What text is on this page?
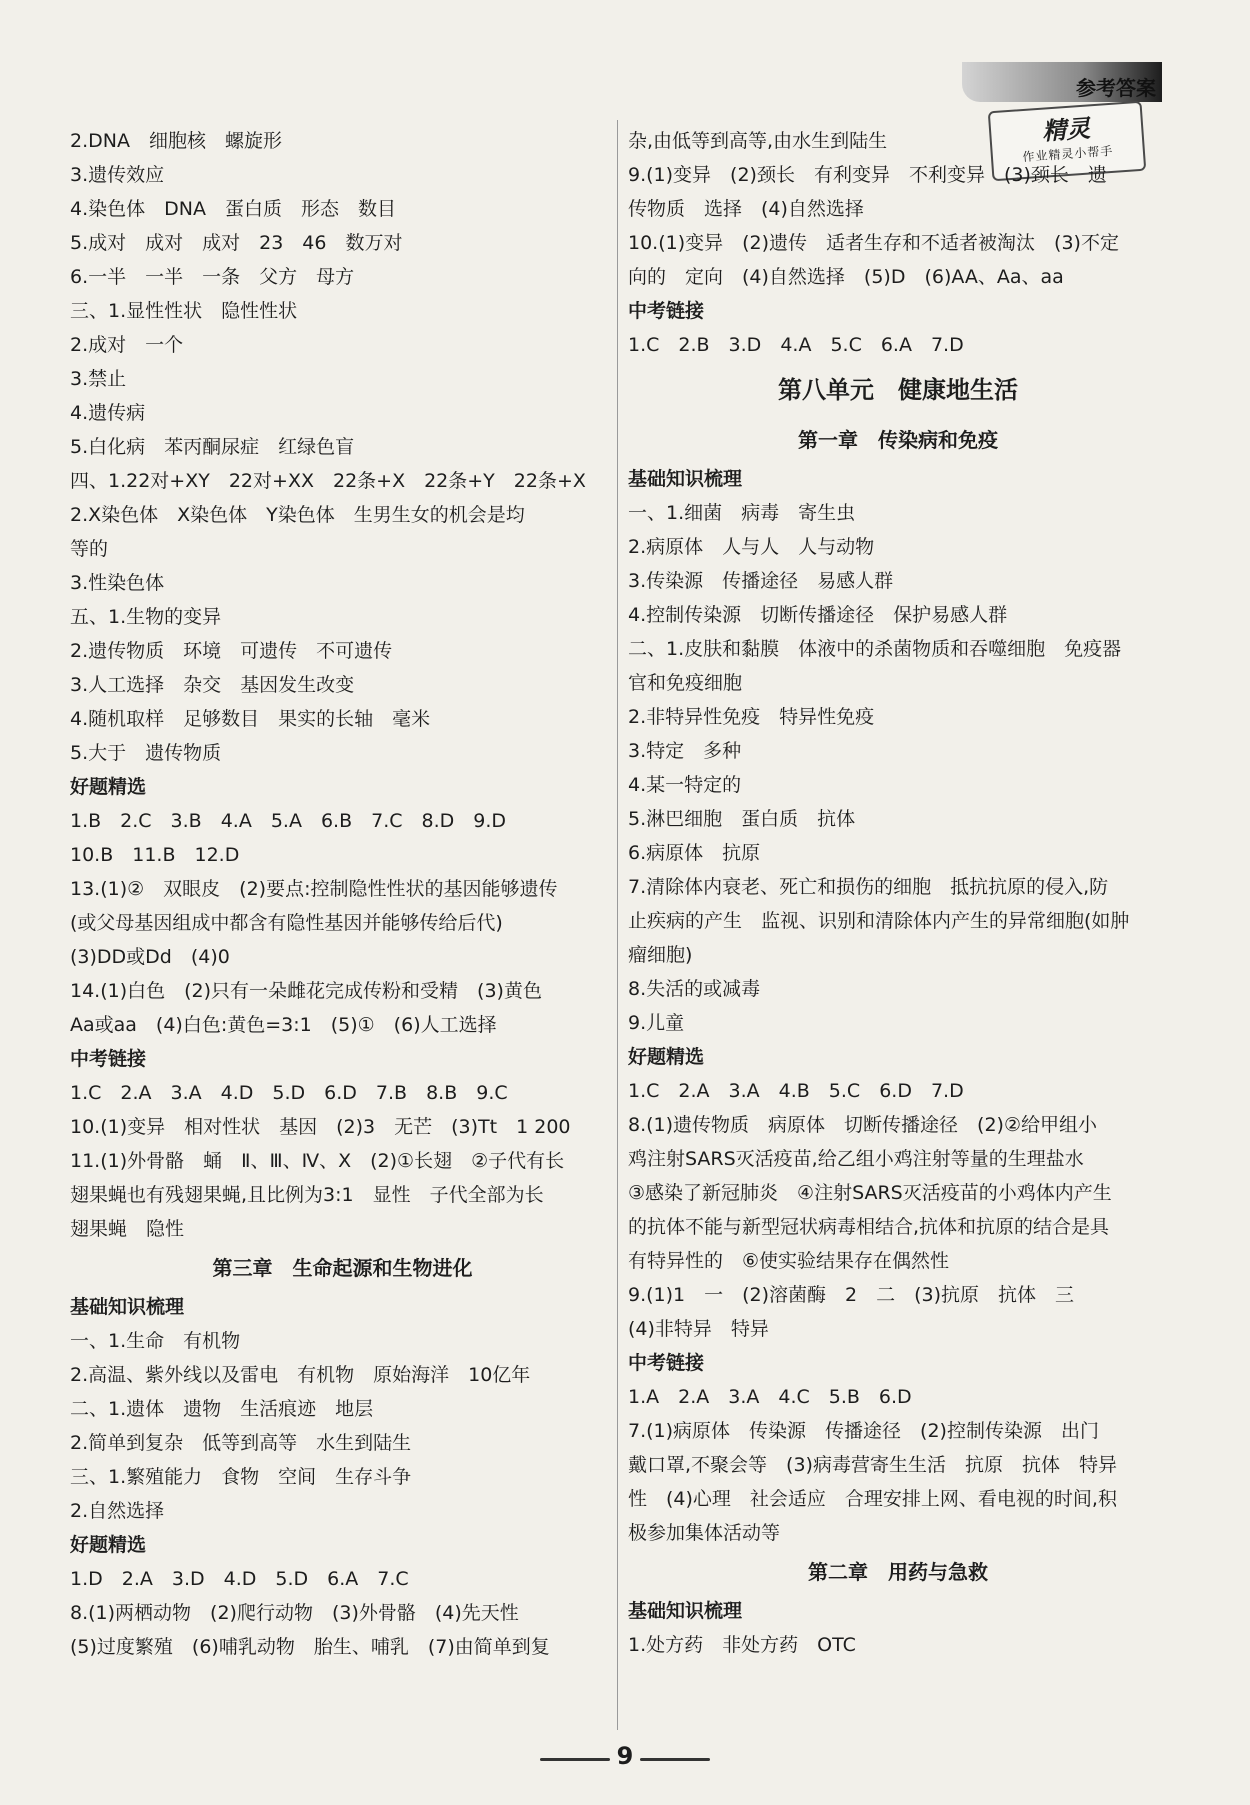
参考答案
精灵
作业精灵小帮手
2.DNA　细胞核　螺旋形
3.遗传效应
4.染色体　DNA　蛋白质　形态　数目
5.成对　成对　成对　23　46　数万对
6.一半　一半　一条　父方　母方
三、1.显性性状　隐性性状
2.成对　一个
3.禁止
4.遗传病
5.白化病　苯丙酮尿症　红绿色盲
四、1.22对+XY　22对+XX　22条+X　22条+Y　22条+X
2.X染色体　X染色体　Y染色体　生男生女的机会是均
等的
3.性染色体
五、1.生物的变异
2.遗传物质　环境　可遗传　不可遗传
3.人工选择　杂交　基因发生改变
4.随机取样　足够数目　果实的长轴　毫米
5.大于　遗传物质
好题精选
1.B　2.C　3.B　4.A　5.A　6.B　7.C　8.D　9.D
10.B　11.B　12.D
13.(1)②　双眼皮　(2)要点:控制隐性性状的基因能够遗传
(或父母基因组成中都含有隐性基因并能够传给后代)
(3)DD或Dd　(4)0
14.(1)白色　(2)只有一朵雌花完成传粉和受精　(3)黄色
Aa或aa　(4)白色:黄色=3:1　(5)①　(6)人工选择
中考链接
1.C　2.A　3.A　4.D　5.D　6.D　7.B　8.B　9.C
10.(1)变异　相对性状　基因　(2)3　无芒　(3)Tt　1 200
11.(1)外骨骼　蛹　Ⅱ、Ⅲ、Ⅳ、X　(2)①长翅　②子代有长
翅果蝇也有残翅果蝇,且比例为3:1　显性　子代全部为长
翅果蝇　隐性
第三章　生命起源和生物进化
基础知识梳理
一、1.生命　有机物
2.高温、紫外线以及雷电　有机物　原始海洋　10亿年
二、1.遗体　遗物　生活痕迹　地层
2.简单到复杂　低等到高等　水生到陆生
三、1.繁殖能力　食物　空间　生存斗争
2.自然选择
好题精选
1.D　2.A　3.D　4.D　5.D　6.A　7.C
8.(1)两栖动物　(2)爬行动物　(3)外骨骼　(4)先天性
(5)过度繁殖　(6)哺乳动物　胎生、哺乳　(7)由简单到复
杂,由低等到高等,由水生到陆生
9.(1)变异　(2)颈长　有利变异　不利变异　(3)颈长　遗
传物质　选择　(4)自然选择
10.(1)变异　(2)遗传　适者生存和不适者被淘汰　(3)不定
向的　定向　(4)自然选择　(5)D　(6)AA、Aa、aa
中考链接
1.C　2.B　3.D　4.A　5.C　6.A　7.D
第八单元　健康地生活
第一章　传染病和免疫
基础知识梳理
一、1.细菌　病毒　寄生虫
2.病原体　人与人　人与动物
3.传染源　传播途径　易感人群
4.控制传染源　切断传播途径　保护易感人群
二、1.皮肤和黏膜　体液中的杀菌物质和吞噬细胞　免疫器
官和免疫细胞
2.非特异性免疫　特异性免疫
3.特定　多种
4.某一特定的
5.淋巴细胞　蛋白质　抗体
6.病原体　抗原
7.清除体内衰老、死亡和损伤的细胞　抵抗抗原的侵入,防
止疾病的产生　监视、识别和清除体内产生的异常细胞(如肿
瘤细胞)
8.失活的或减毒
9.儿童
好题精选
1.C　2.A　3.A　4.B　5.C　6.D　7.D
8.(1)遗传物质　病原体　切断传播途径　(2)②给甲组小
鸡注射SARS灭活疫苗,给乙组小鸡注射等量的生理盐水
③感染了新冠肺炎　④注射SARS灭活疫苗的小鸡体内产生
的抗体不能与新型冠状病毒相结合,抗体和抗原的结合是具
有特异性的　⑥使实验结果存在偶然性
9.(1)1　一　(2)溶菌酶　2　二　(3)抗原　抗体　三
(4)非特异　特异
中考链接
1.A　2.A　3.A　4.C　5.B　6.D
7.(1)病原体　传染源　传播途径　(2)控制传染源　出门
戴口罩,不聚会等　(3)病毒营寄生生活　抗原　抗体　特异
性　(4)心理　社会适应　合理安排上网、看电视的时间,积
极参加集体活动等
第二章　用药与急救
基础知识梳理
1.处方药　非处方药　OTC
9
